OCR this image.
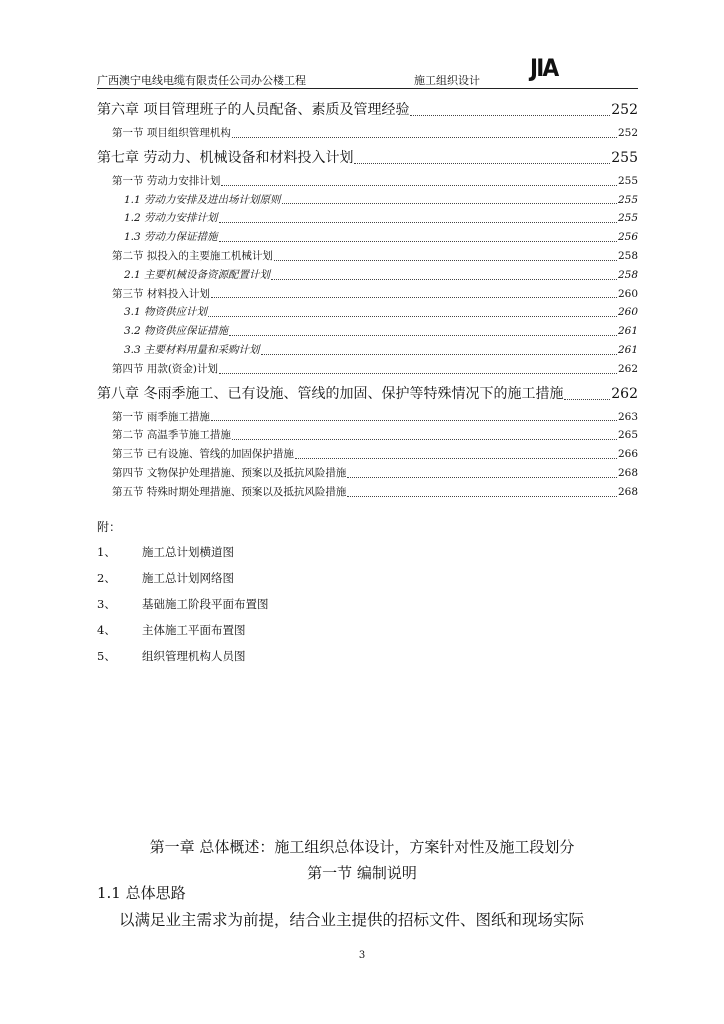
广西澳宁电线电缆有限责任公司办公楼工程	施工组织设计 JIA
第六章 项目管理班子的人员配备、素质及管理经验	252
第一节 项目组织管理机构	252
第七章 劳动力、机械设备和材料投入计划	255
第一节 劳动力安排计划	255
1.1 劳动力安排及进出场计划原则	255
1.2 劳动力安排计划	255
1.3 劳动力保证措施	256
第二节 拟投入的主要施工机械计划	258
2.1 主要机械设备资源配置计划	258
第三节 材料投入计划	260
3.1 物资供应计划	260
3.2 物资供应保证措施	261
3.3 主要材料用量和采购计划	261
第四节 用款(资金)计划	262
第八章 冬雨季施工、已有设施、管线的加固、保护等特殊情况下的施工措施	262
第一节 雨季施工措施	263
第二节 高温季节施工措施	265
第三节 已有设施、管线的加固保护措施	266
第四节 文物保护处理措施、预案以及抵抗风险措施	268
第五节 特殊时期处理措施、预案以及抵抗风险措施	268
附：
1、 施工总计划横道图
2、 施工总计划网络图
3、 基础施工阶段平面布置图
4、 主体施工平面布置图
5、 组织管理机构人员图
第一章 总体概述：施工组织总体设计，方案针对性及施工段划分
第一节 编制说明
1.1 总体思路
以满足业主需求为前提，结合业主提供的招标文件、图纸和现场实际
3
